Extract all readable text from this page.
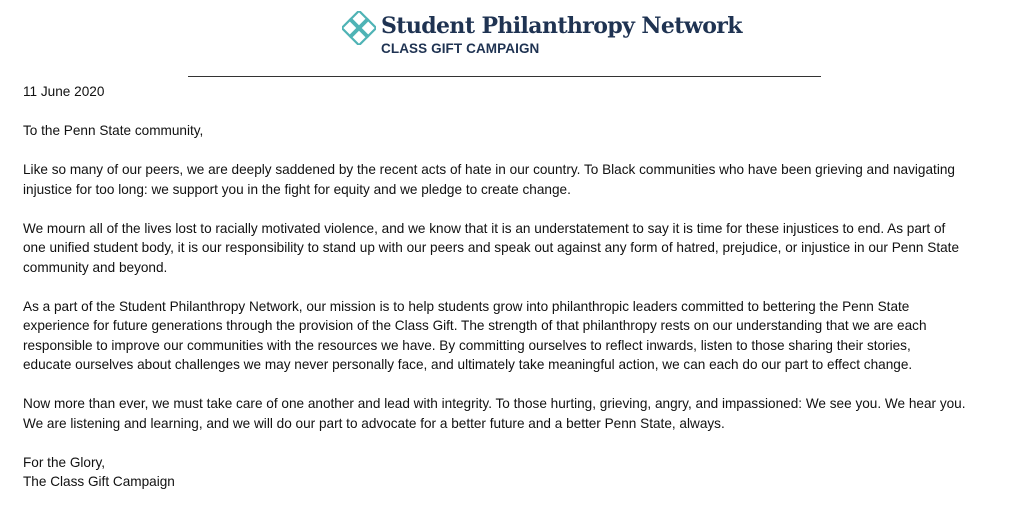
Student Philanthropy Network
CLASS GIFT CAMPAIGN

11 June 2020

To the Penn State community,

Like so many of our peers, we are deeply saddened by the recent acts of hate in our country. To Black communities who have been grieving and navigating
injustice for too long: we support you in the fight for equity and we pledge to create change.

We mourn all of the lives lost to racially motivated violence, and we know that it is an understatement to say it is time for these injustices to end. As part of
one unified student body, it is our responsibility to stand up with our peers and speak out against any form of hatred, prejudice, or injustice in our Penn State
community and beyond.

As a part of the Student Philanthropy Network, our mission is to help students grow into philanthropic leaders committed to bettering the Penn State
experience for future generations through the provision of the Class Gift. The strength of that philanthropy rests on our understanding that we are each
responsible to improve our communities with the resources we have. By committing ourselves to reflect inwards, listen to those sharing their stories,
educate ourselves about challenges we may never personally face, and ultimately take meaningful action, we can each do our part to effect change.

Now more than ever, we must take care of one another and lead with integrity. To those hurting, grieving, angry, and impassioned: We see you. We hear you.
We are listening and learning, and we will do our part to advocate for a better future and a better Penn State, always.

For the Glory,
The Class Gift Campaign
